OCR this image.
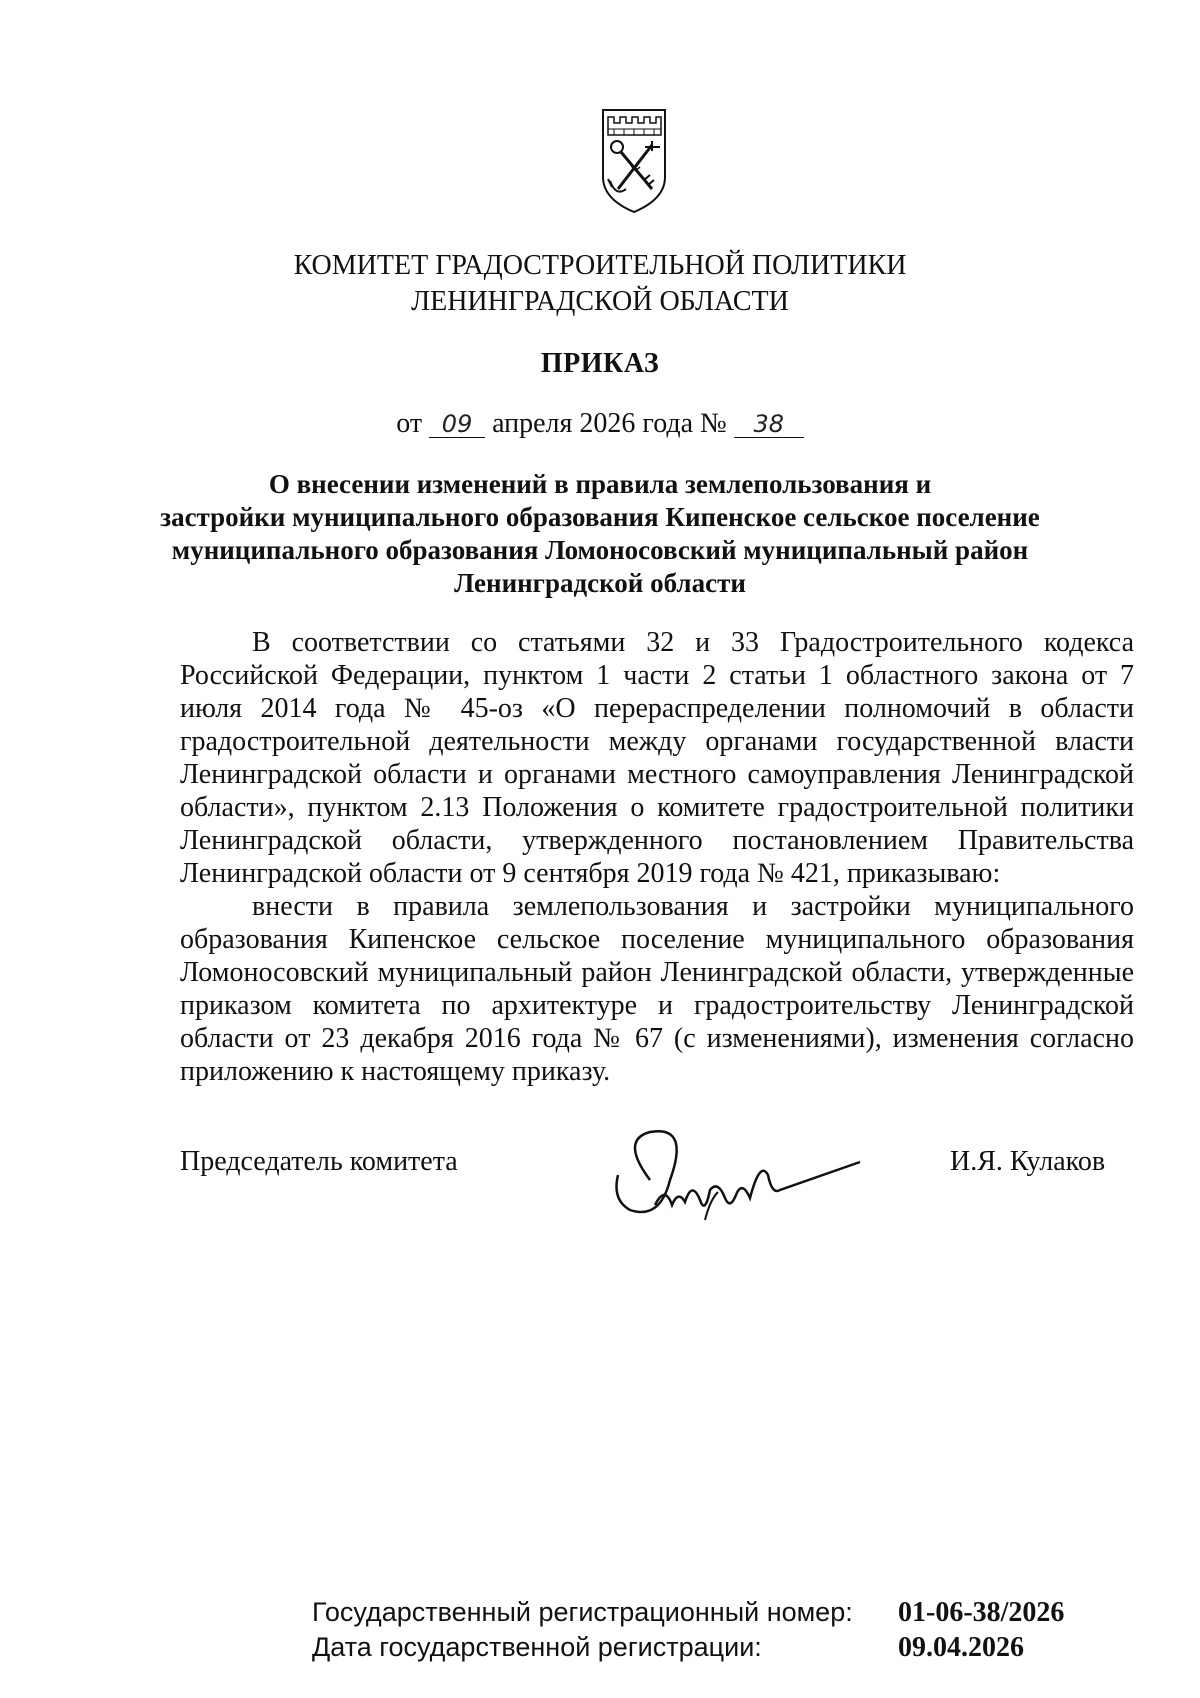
КОМИТЕТ ГРАДОСТРОИТЕЛЬНОЙ ПОЛИТИКИ
ЛЕНИНГРАДСКОЙ ОБЛАСТИ
ПРИКАЗ
от 09 апреля 2026 года № 38
О внесении изменений в правила землепользования и
застройки муниципального образования Кипенское сельское поселение
муниципального образования Ломоносовский муниципальный район
Ленинградской области

В соответствии со статьями 32 и 33 Градостроительного кодекса Российской Федерации, пунктом 1 части 2 статьи 1 областного закона от 7 июля 2014 года № 45-оз «О перераспределении полномочий в области градостроительной деятельности между органами государственной власти Ленинградской области и органами местного самоуправления Ленинградской области», пунктом 2.13 Положения о комитете градостроительной политики Ленинградской области, утвержденного постановлением Правительства Ленинградской области от 9 сентября 2019 года № 421, приказываю:

внести в правила землепользования и застройки муниципального образования Кипенское сельское поселение муниципального образования Ломоносовский муниципальный район Ленинградской области, утвержденные приказом комитета по архитектуре и градостроительству Ленинградской области от 23 декабря 2016 года № 67 (с изменениями), изменения согласно приложению к настоящему приказу.

Председатель комитета	И.Я. Кулаков
Государственный регистрационный номер: 01-06-38/2026
Дата государственной регистрации:	09.04.2026
